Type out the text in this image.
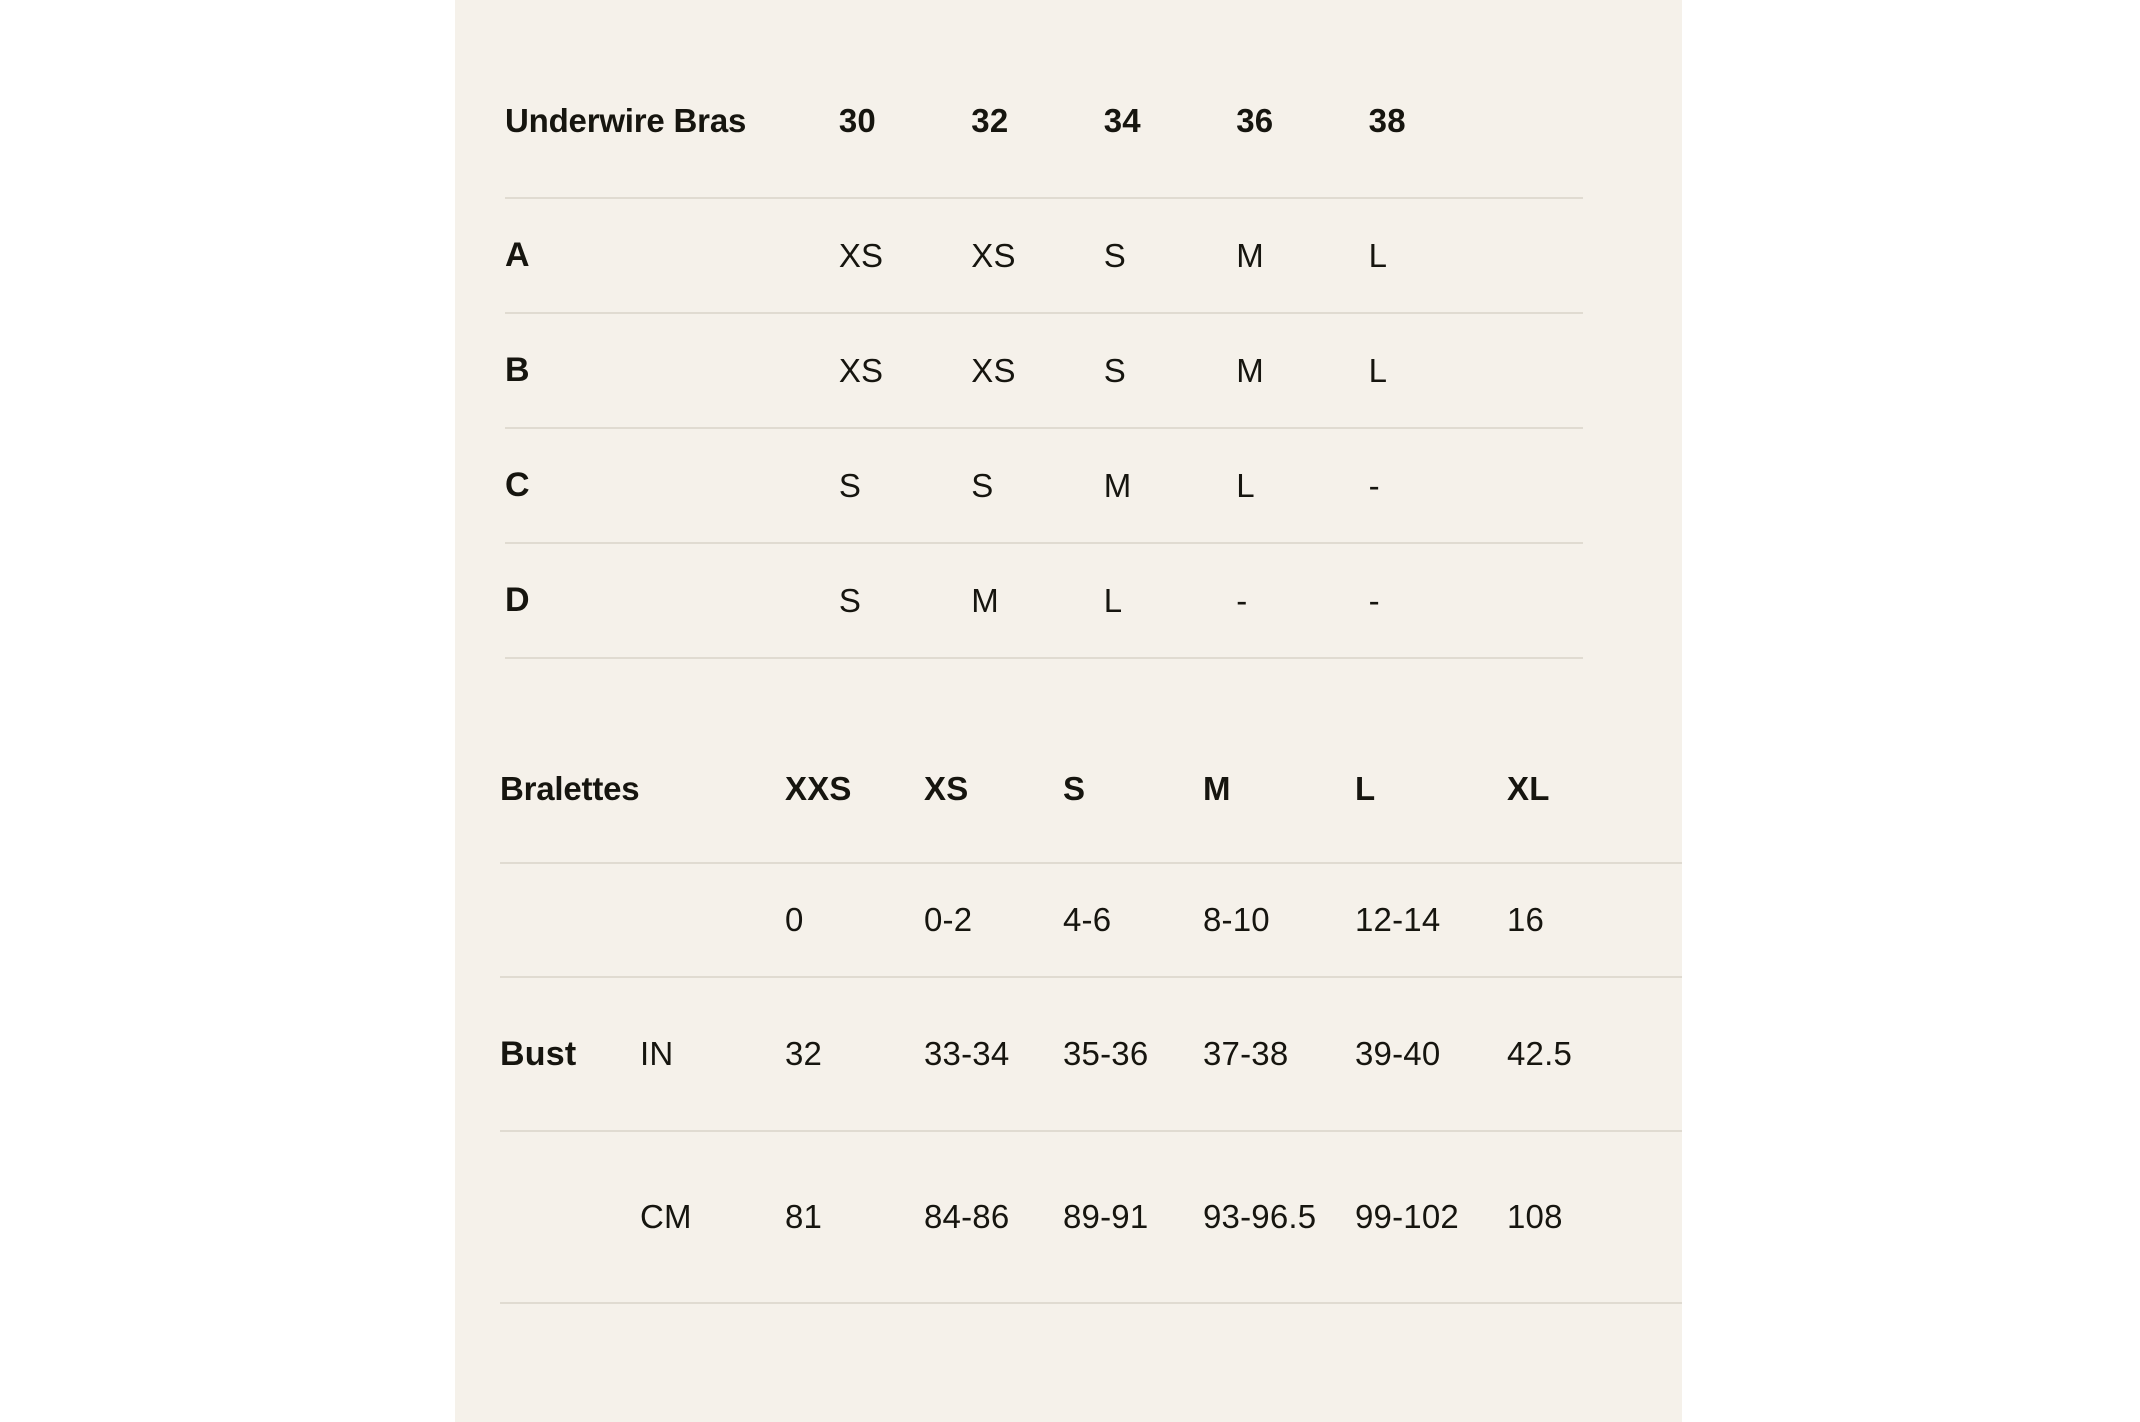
Underwire Bras	30	32	34	36	38
A	XS	XS	S	M	L
B	XS	XS	S	M	L
C	S	S	M	L	-
D	S	M	L	-	-
Bralettes		XXS	XS	S	M	L	XL
		0	0-2	4-6	8-10	12-14	16
Bust	IN	32	33-34	35-36	37-38	39-40	42.5
	CM	81	84-86	89-91	93-96.5	99-102	108
